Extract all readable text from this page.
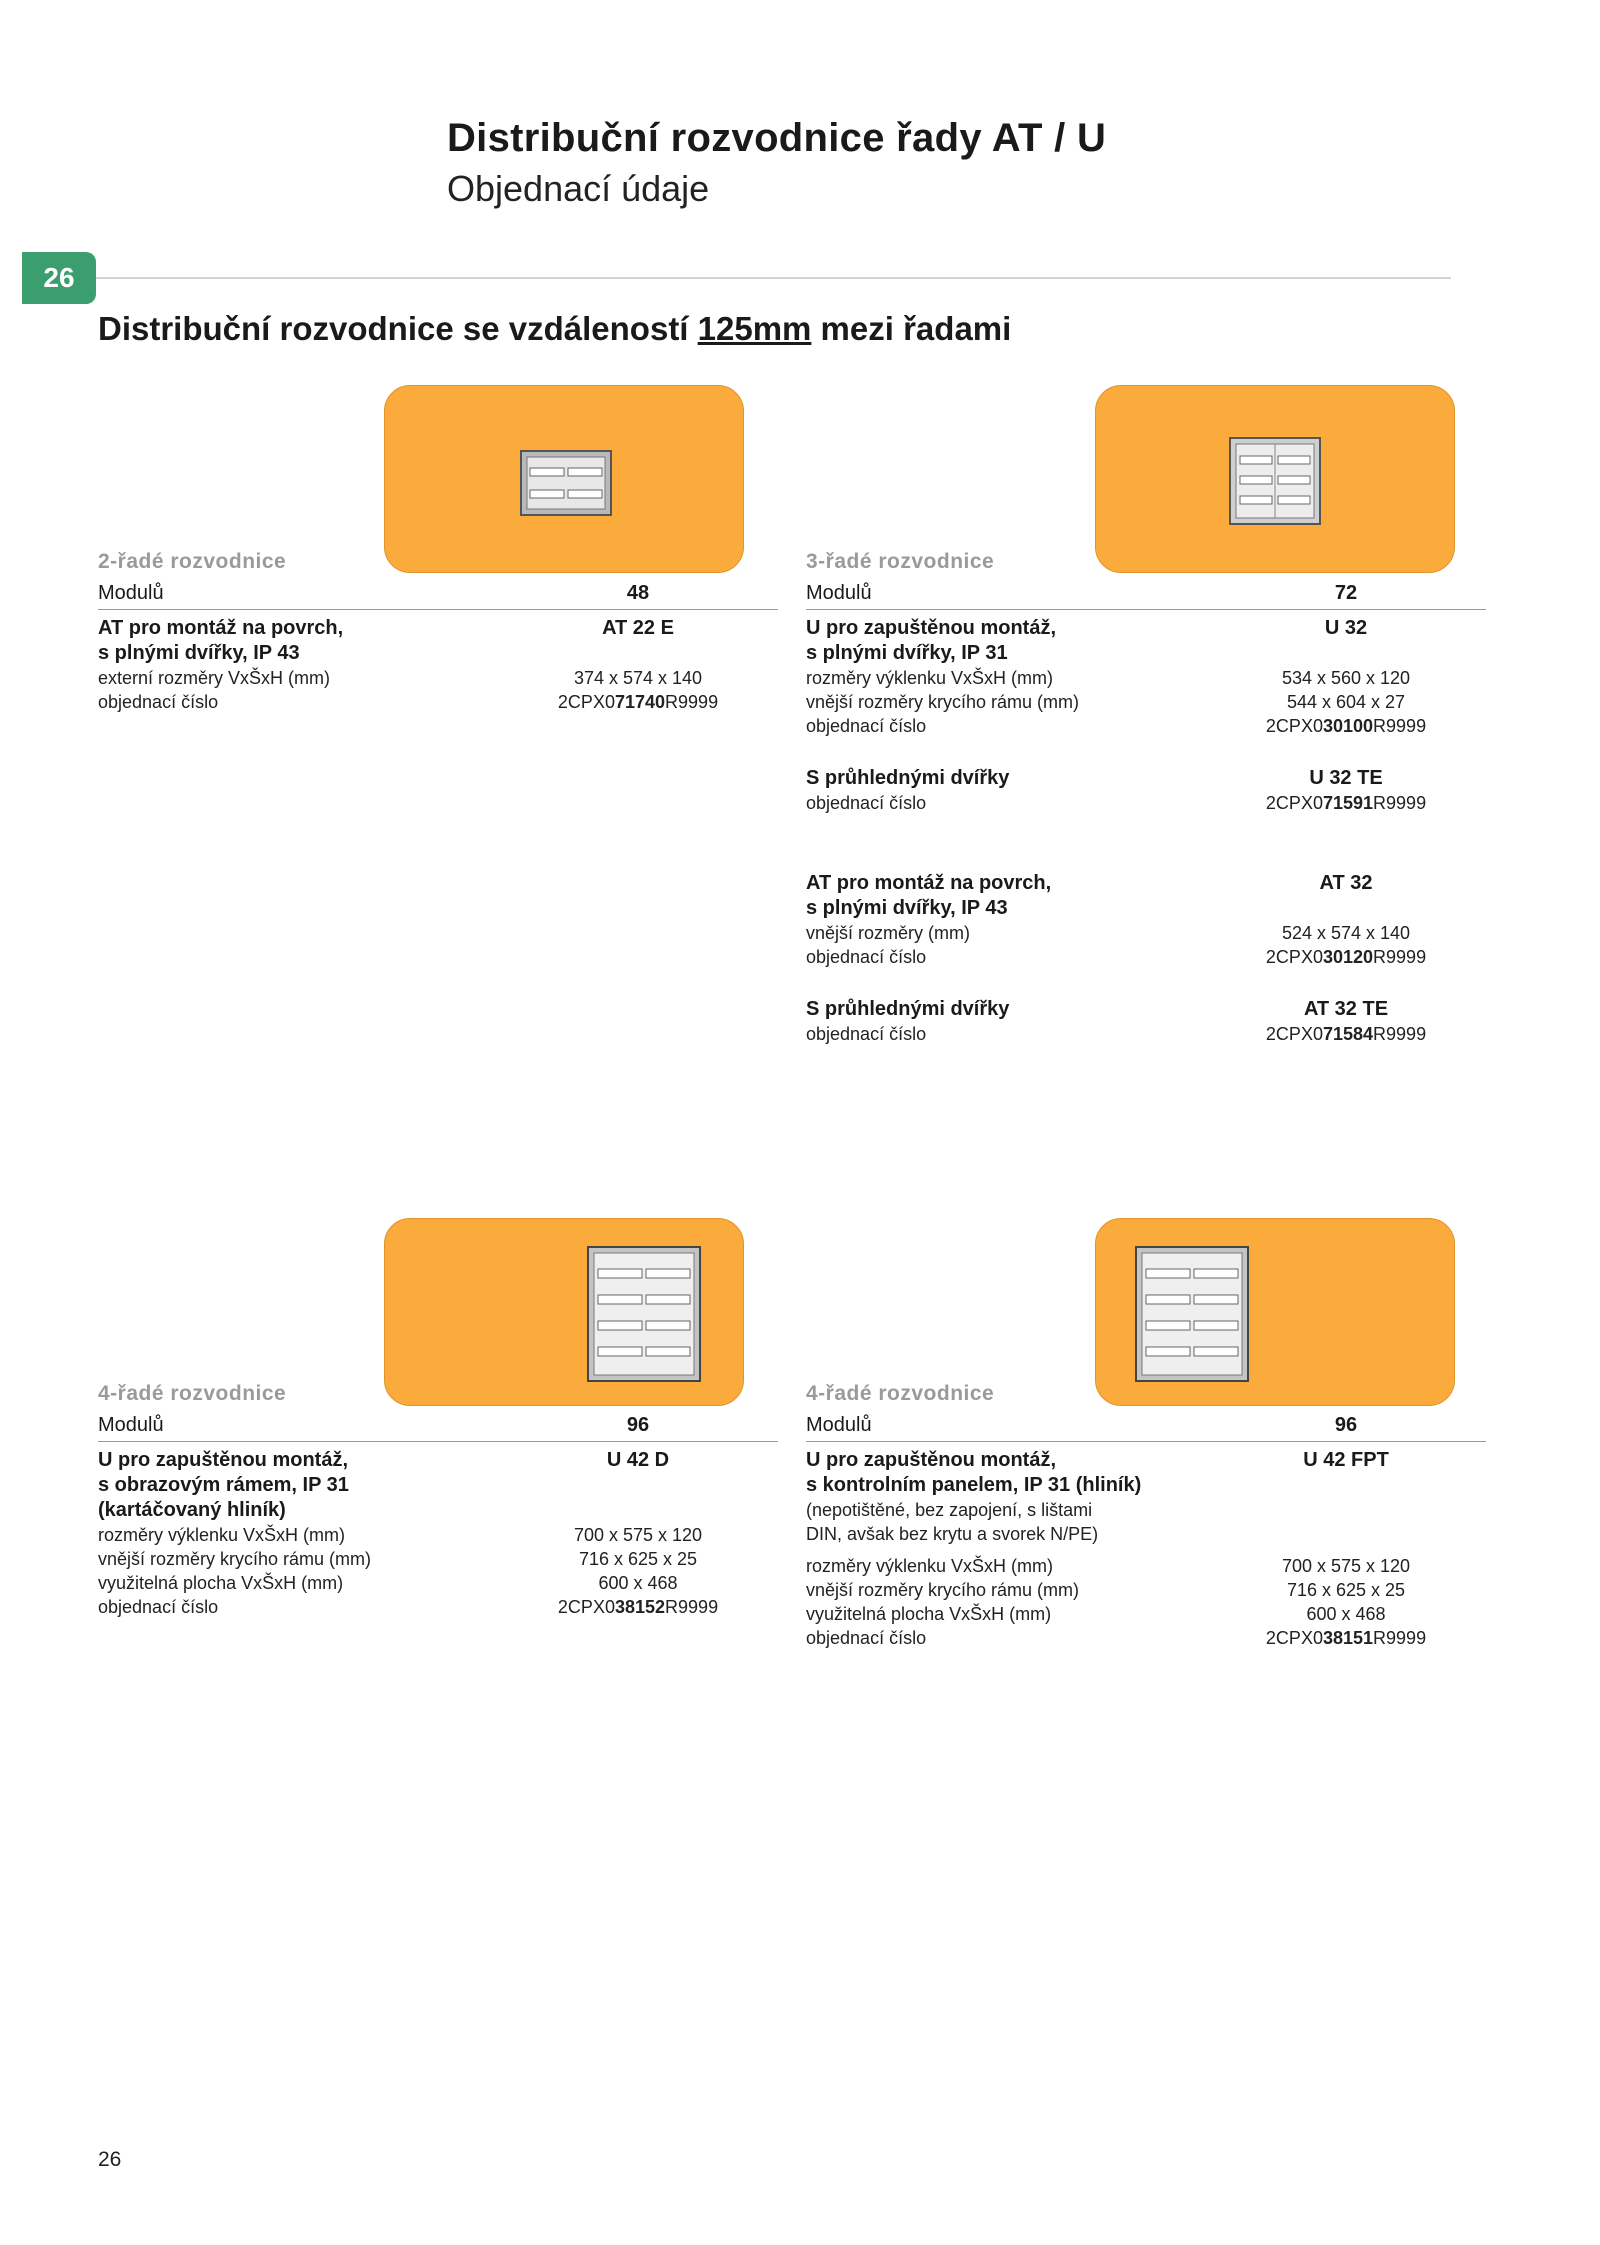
Distribuční rozvodnice řady AT / U
Objednací údaje
26
Distribuční rozvodnice se vzdáleností 125mm mezi řadami
2-řadé rozvodnice
Modulů	48
AT pro montáž na povrch,
s plnými dvířky, IP 43
AT 22 E
externí rozměry VxŠxH (mm)	374 x 574 x 140
objednací číslo	2CPX071740R9999
3-řadé rozvodnice
Modulů	72
U pro zapuštěnou montáž,
s plnými dvířky, IP 31
U 32
rozměry výklenku VxŠxH (mm)	534 x 560 x 120
vnější rozměry krycího rámu (mm)	544 x 604 x 27
objednací číslo	2CPX030100R9999
S průhlednými dvířky	U 32 TE
objednací číslo	2CPX071591R9999
AT pro montáž na povrch,
s plnými dvířky, IP 43
AT 32
vnější rozměry (mm)	524 x 574 x 140
objednací číslo	2CPX030120R9999
S průhlednými dvířky	AT 32 TE
objednací číslo	2CPX071584R9999
4-řadé rozvodnice
Modulů	96
U pro zapuštěnou montáž,
s obrazovým rámem, IP 31
(kartáčovaný hliník)
U 42 D
rozměry výklenku VxŠxH (mm)	700 x 575 x 120
vnější rozměry krycího rámu (mm)	716 x 625 x 25
využitelná plocha VxŠxH (mm)	600 x 468
objednací číslo	2CPX038152R9999
4-řadé rozvodnice
Modulů	96
U pro zapuštěnou montáž,
s kontrolním panelem, IP 31 (hliník)
U 42 FPT
(nepotištěné, bez zapojení, s lištami
DIN, avšak bez krytu a svorek N/PE)
rozměry výklenku VxŠxH (mm)	700 x 575 x 120
vnější rozměry krycího rámu (mm)	716 x 625 x 25
využitelná plocha VxŠxH (mm)	600 x 468
objednací číslo	2CPX038151R9999
26
